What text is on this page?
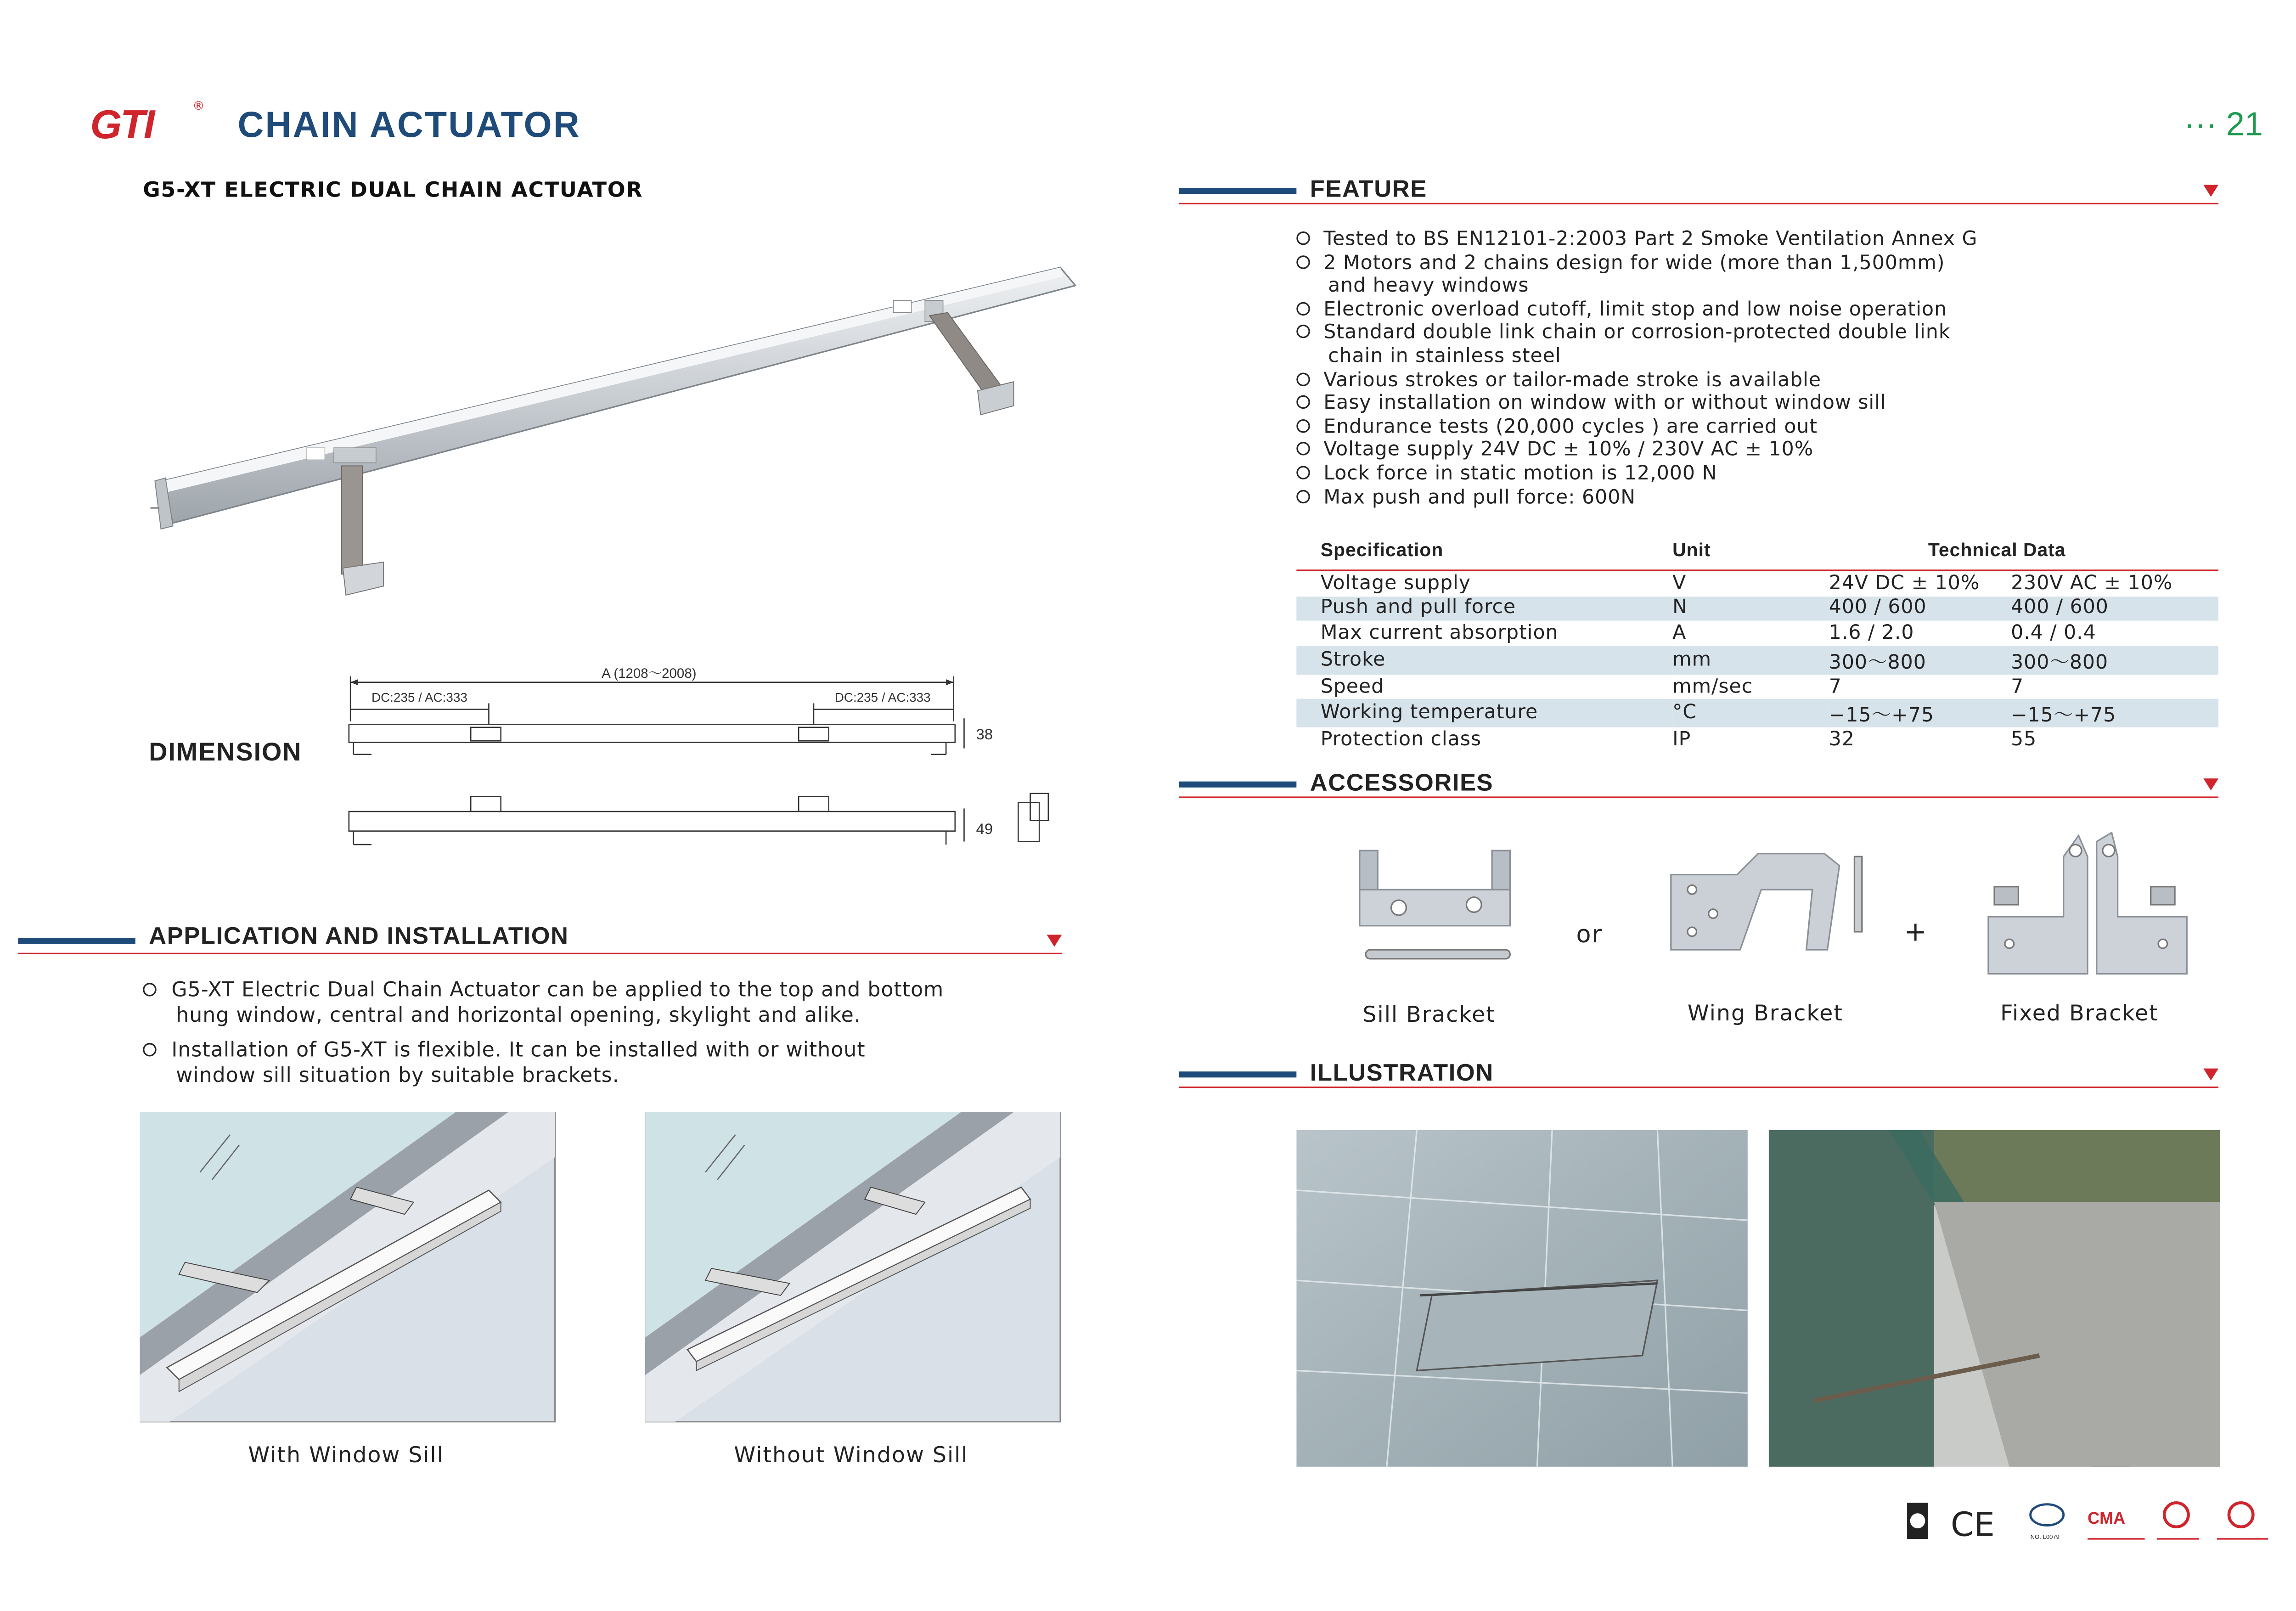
GTI	®	CHAIN ACTUATOR
G5-XT ELECTRIC DUAL CHAIN ACTUATOR
··· 21
DIMENSION
A (1208～2008)
DC:235 / AC:333	DC:235 / AC:333
38
49
APPLICATION AND INSTALLATION

G5-XT Electric Dual Chain Actuator can be applied to the top and bottom
hung window, central and horizontal opening, skylight and alike.

Installation of G5-XT is flexible. It can be installed with or without
window sill situation by suitable brackets.

With Window Sill	Without Window Sill
FEATURE
Tested to BS EN12101-2:2003 Part 2 Smoke Ventilation Annex G
2 Motors and 2 chains design for wide (more than 1,500mm)
and heavy windows
Electronic overload cutoff, limit stop and low noise operation
Standard double link chain or corrosion-protected double link
chain in stainless steel
Various strokes or tailor-made stroke is available
Easy installation on window with or without window sill
Endurance tests (20,000 cycles ) are carried out
Voltage supply 24V DC ± 10% / 230V AC ± 10%
Lock force in static motion is 12,000 N
Max push and pull force: 600N
Specification	Unit	Technical Data	
Voltage supply	V	24V DC ± 10%	230V AC ± 10%
Push and pull force	N	400 / 600	400 / 600
Max current absorption	A	1.6 / 2.0	0.4 / 0.4
Stroke	mm	300～800	300～800
Speed	mm/sec	7	7
Working temperature	°C	−15～+75	−15～+75
Protection class	IP	32	55
ACCESSORIES
or	+
Sill Bracket	Wing Bracket	Fixed Bracket
ILLUSTRATION
CE	NO. L0079
CMA
